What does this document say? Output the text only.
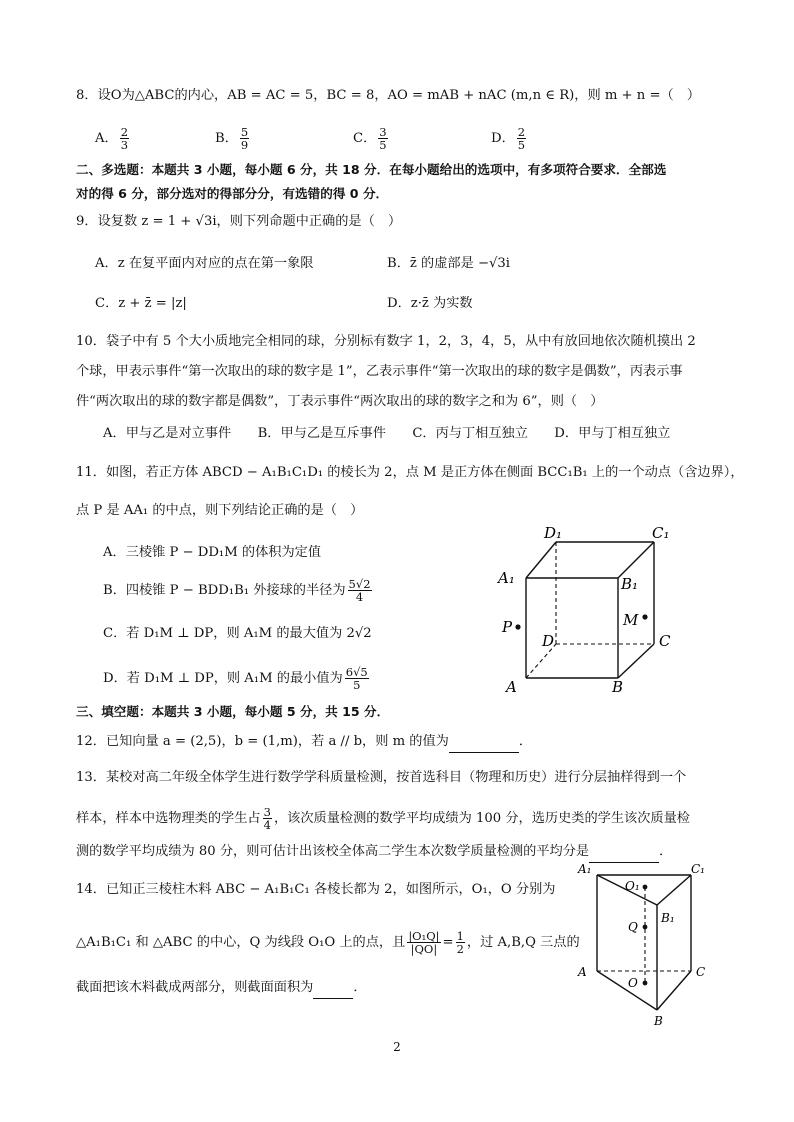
8．设O为△ABC的内心，AB = AC = 5，BC = 8，AO = mAB + nAC (m,n ∈ R)，则 m + n =（　）
A． $\frac{2}{3}$	B． $\frac{5}{9}$	C． $\frac{3}{5}$	D． $\frac{2}{5}$
二、多选题：本题共 3 小题，每小题 6 分，共 18 分．在每小题给出的选项中，有多项符合要求．全部选
对的得 6 分，部分选对的得部分分，有选错的得 0 分．
9．设复数 z = 1 + √3i，则下列命题中正确的是（　）
A．z 在复平面内对应的点在第一象限	B．z̄ 的虚部是 −√3i
C．z + z̄ = |z|	D．z·z̄ 为实数
10．袋子中有 5 个大小质地完全相同的球，分别标有数字 1，2，3，4，5，从中有放回地依次随机摸出 2
个球，甲表示事件“第一次取出的球的数字是 1”，乙表示事件“第一次取出的球的数字是偶数”，丙表示事
件“两次取出的球的数字都是偶数”，丁表示事件“两次取出的球的数字之和为 6”，则（　）
A．甲与乙是对立事件　　B．甲与乙是互斥事件　　C．丙与丁相互独立　　D．甲与丁相互独立
11．如图，若正方体 ABCD − A₁B₁C₁D₁ 的棱长为 2，点 M 是正方体在侧面 BCC₁B₁ 上的一个动点（含边界），
点 P 是 AA₁ 的中点，则下列结论正确的是（　）
A．三棱锥 P − DD₁M 的体积为定值
B．四棱锥 P − BDD₁B₁ 外接球的半径为 $\frac{5√2}{4}$
C．若 D₁M ⊥ DP，则 A₁M 的最大值为 2√2
D．若 D₁M ⊥ DP，则 A₁M 的最小值为 $\frac{6√5}{5}$
D₁	C₁
A₁	B₁
P	M
D	C
A	B
三、填空题：本题共 3 小题，每小题 5 分，共 15 分．
12．已知向量 a = (2,5)，b = (1,m)，若 a // b，则 m 的值为	．
13．某校对高二年级全体学生进行数学学科质量检测，按首选科目（物理和历史）进行分层抽样得到一个
样本，样本中选物理类的学生占 $\frac{3}{4}$ ，该次质量检测的数学平均成绩为 100 分，选历史类的学生该次质量检
测的数学平均成绩为 80 分，则可估计出该校全体高二学生本次数学质量检测的平均分是	．
14．已知正三棱柱木料 ABC − A₁B₁C₁ 各棱长都为 2，如图所示，O₁，O 分别为
△A₁B₁C₁ 和 △ABC 的中心，Q 为线段 O₁O 上的点，且 $\frac{\text{|O₁Q|}}{|QO|} = \frac{1}{2}$ ，过 A,B,Q 三点的
截面把该木料截成两部分，则截面面积为	．
A₁	C₁
O₁
B₁
Q
A	C
O
B
2
